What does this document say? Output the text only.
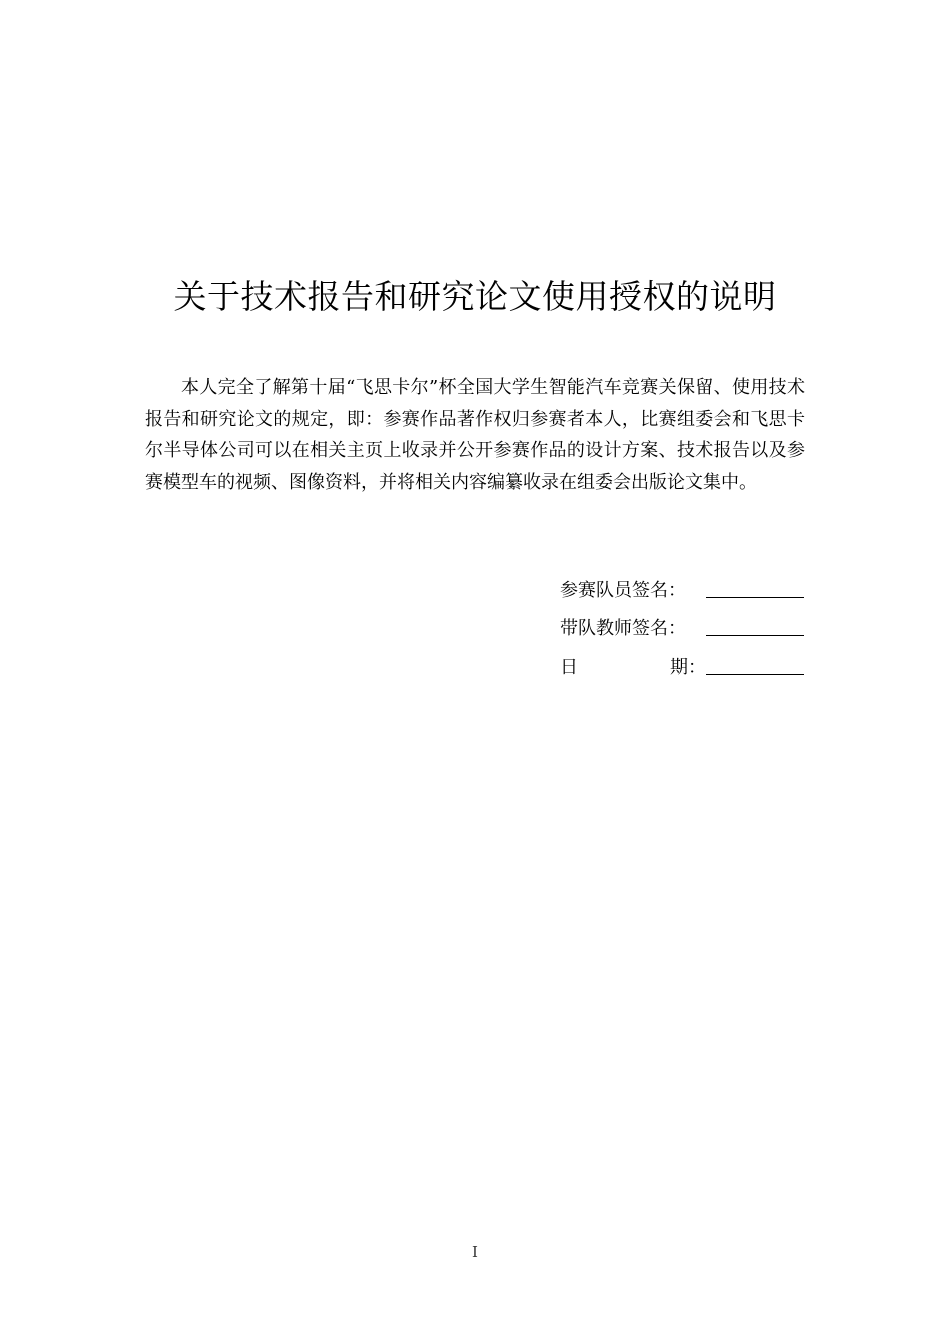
关于技术报告和研究论文使用授权的说明

本人完全了解第十届“飞思卡尔”杯全国大学生智能汽车竞赛关保留、使用技术报告和研究论文的规定，即：参赛作品著作权归参赛者本人，比赛组委会和飞思卡尔半导体公司可以在相关主页上收录并公开参赛作品的设计方案、技术报告以及参赛模型车的视频、图像资料，并将相关内容编纂收录在组委会出版论文集中。

参赛队员签名：
带队教师签名：
日	期：
I
